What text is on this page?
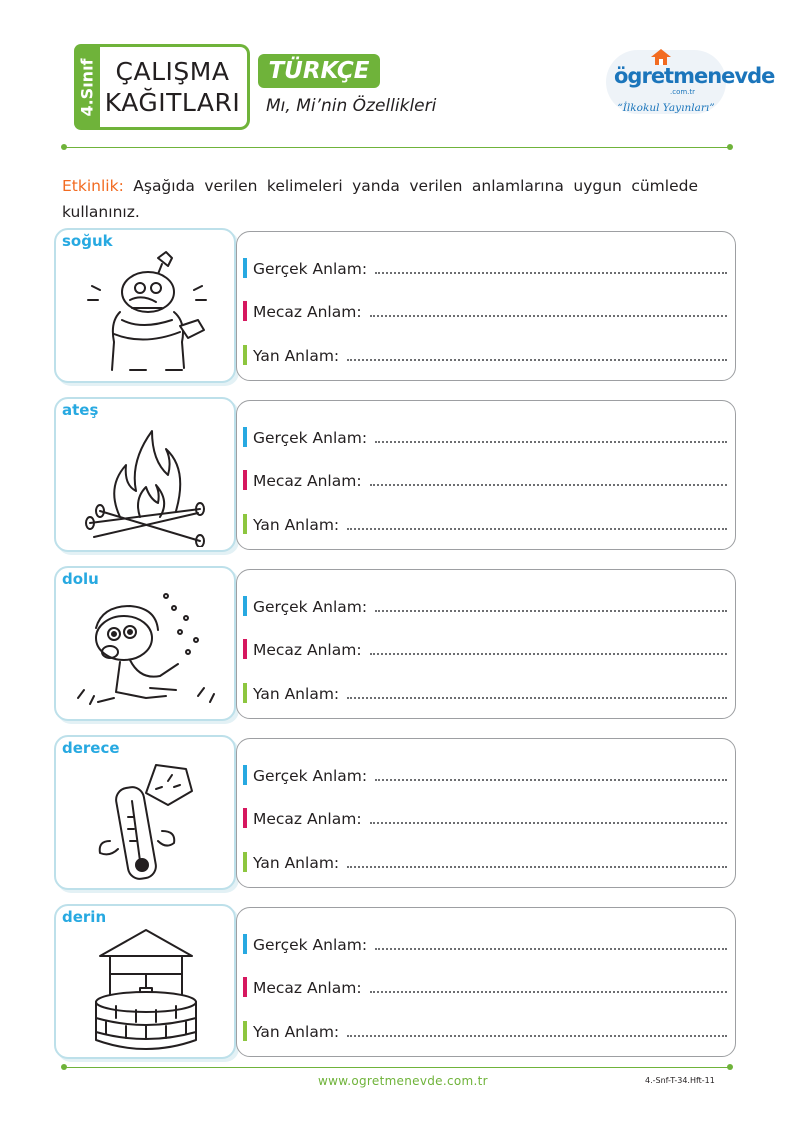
4.Sınıf ÇALIŞMA
KAĞITLARI
TÜRKÇE
Mı, Mi’nin Özellikleri
ögretmenevde
.com.tr
“İlkokul Yayınları”
Etkinlik: Aşağıda verilen kelimeleri yanda verilen anlamlarına uygun cümlede kullanınız.
soğuk
Gerçek Anlam:
Mecaz Anlam:
Yan Anlam:
ateş
Gerçek Anlam:
Mecaz Anlam:
Yan Anlam:
dolu
Gerçek Anlam:
Mecaz Anlam:
Yan Anlam:
derece
Gerçek Anlam:
Mecaz Anlam:
Yan Anlam:
derin
Gerçek Anlam:
Mecaz Anlam:
Yan Anlam:
www.ogretmenevde.com.tr	4.-Snf-T-34.Hft-11
